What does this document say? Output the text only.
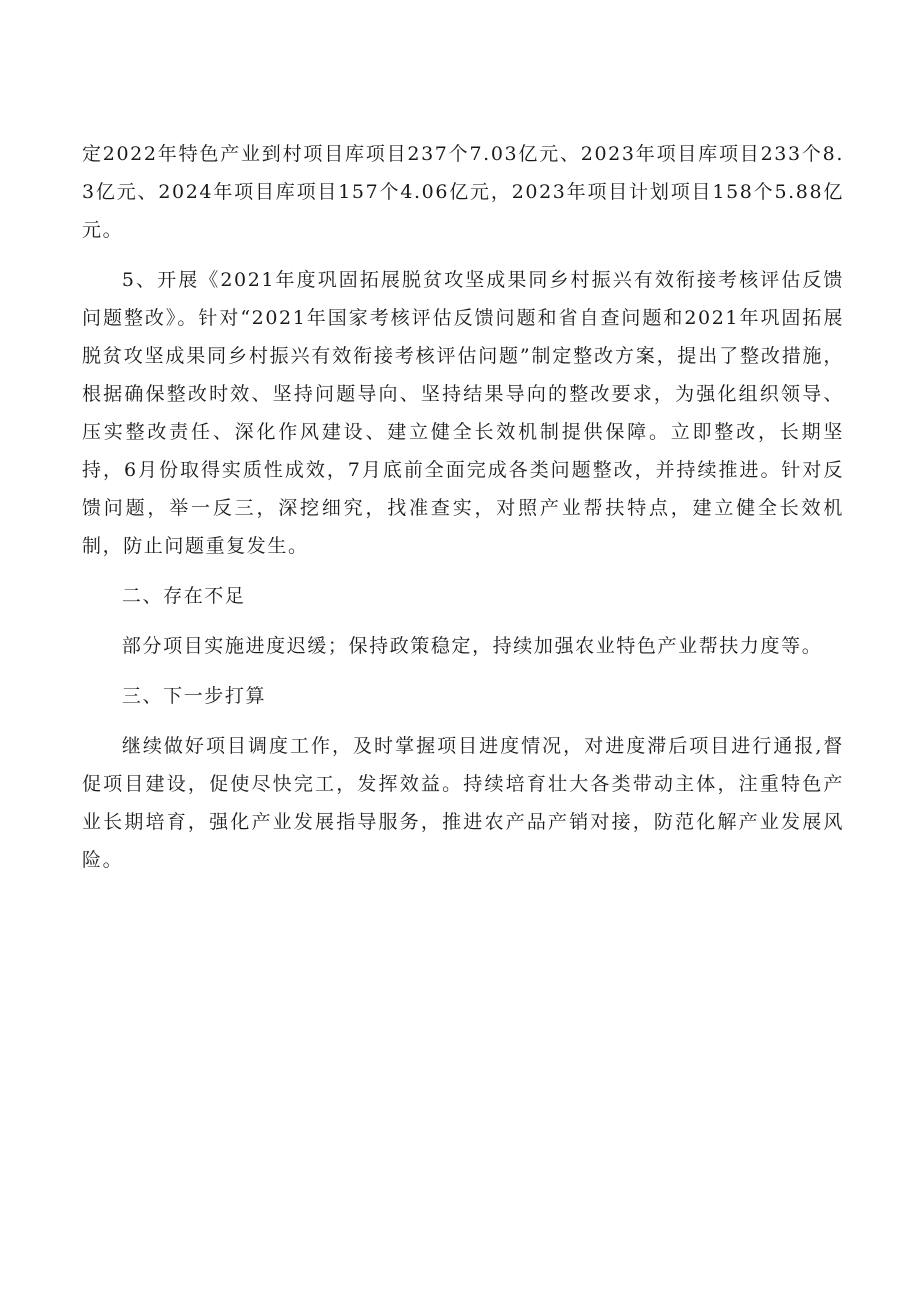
定2022年特色产业到村项目库项目237个7.03亿元、2023年项目库项目233个8.3亿元、2024年项目库项目157个4.06亿元，2023年项目计划项目158个5.88亿元。

5、开展《2021年度巩固拓展脱贫攻坚成果同乡村振兴有效衔接考核评估反馈问题整改》。针对“2021年国家考核评估反馈问题和省自查问题和2021年巩固拓展脱贫攻坚成果同乡村振兴有效衔接考核评估问题”制定整改方案，提出了整改措施，根据确保整改时效、坚持问题导向、坚持结果导向的整改要求，为强化组织领导、压实整改责任、深化作风建设、建立健全长效机制提供保障。立即整改，长期坚持，6月份取得实质性成效，7月底前全面完成各类问题整改，并持续推进。针对反馈问题，举一反三，深挖细究，找准查实，对照产业帮扶特点，建立健全长效机制，防止问题重复发生。

二、存在不足

部分项目实施进度迟缓；保持政策稳定，持续加强农业特色产业帮扶力度等。

三、下一步打算

继续做好项目调度工作，及时掌握项目进度情况，对进度滞后项目进行通报,督促项目建设，促使尽快完工，发挥效益。持续培育壮大各类带动主体，注重特色产业长期培育，强化产业发展指导服务，推进农产品产销对接，防范化解产业发展风险。
